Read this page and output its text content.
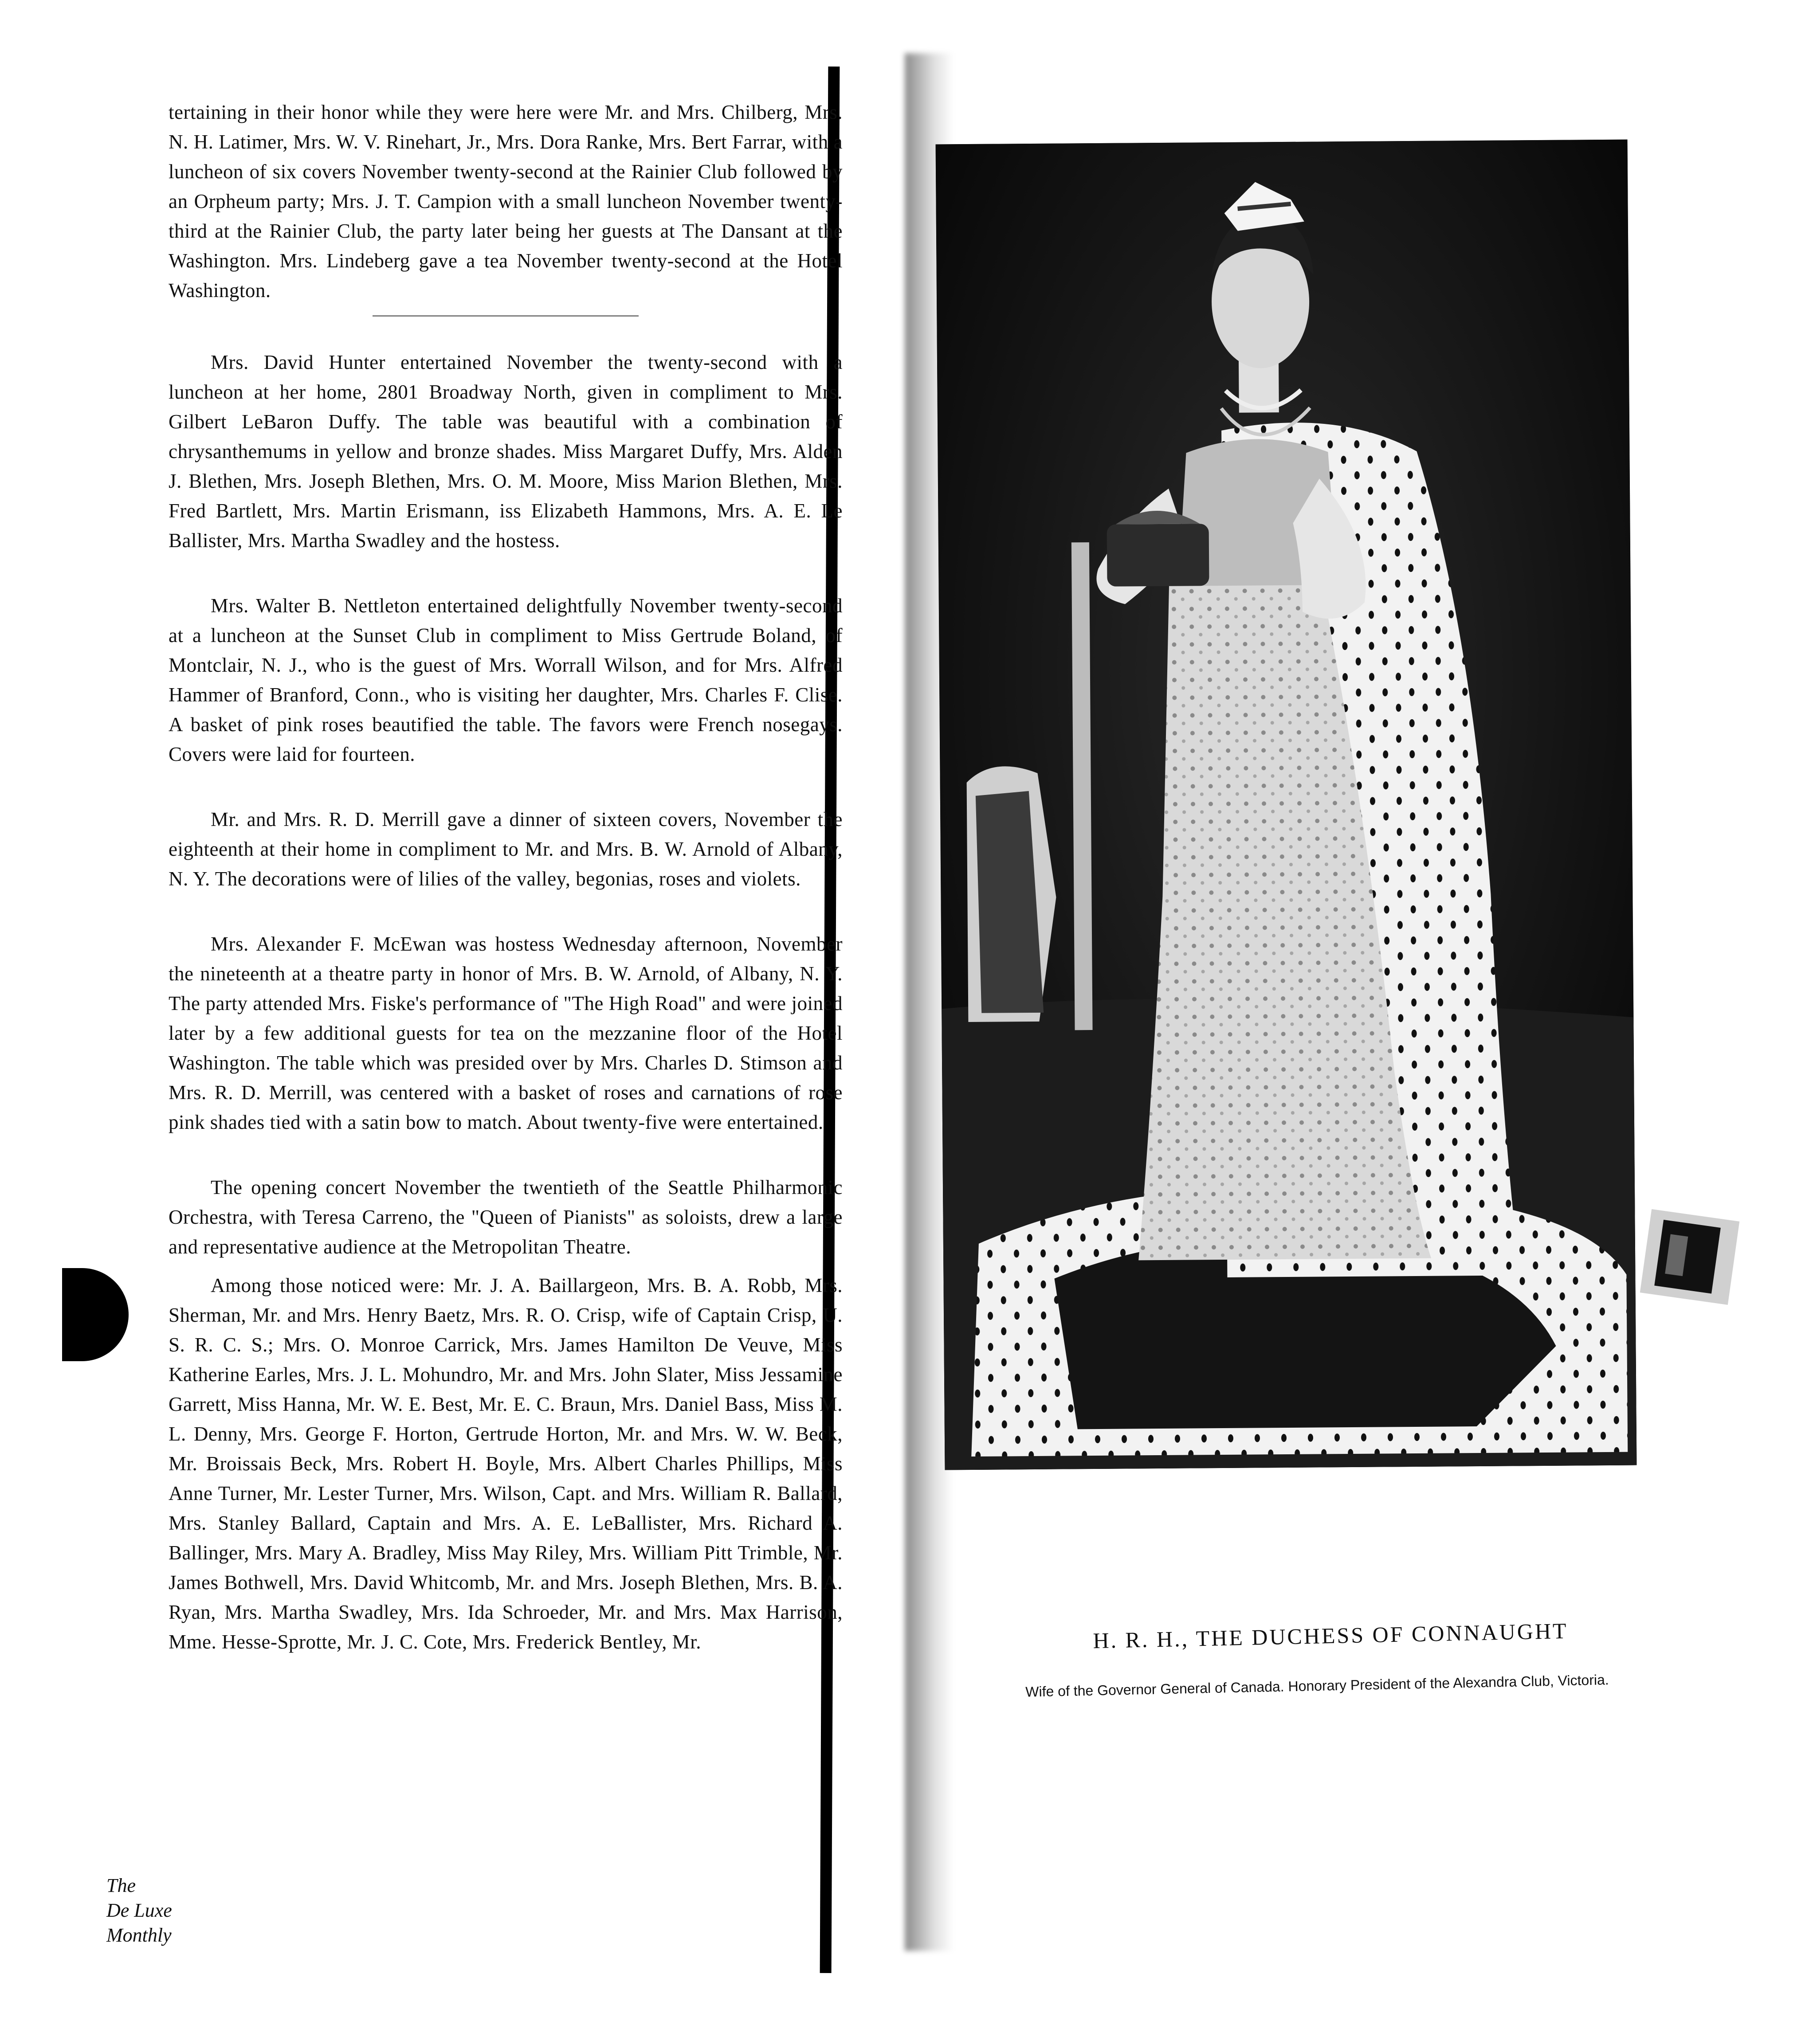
tertaining in their honor while they were here were Mr. and Mrs. Chilberg, Mrs. N. H. Latimer, Mrs. W. V. Rinehart, Jr., Mrs. Dora Ranke, Mrs. Bert Farrar, with a luncheon of six covers November twenty-second at the Rainier Club followed by an Orpheum party; Mrs. J. T. Campion with a small luncheon November twenty-third at the Rainier Club, the party later being her guests at The Dansant at the Washington. Mrs. Lindeberg gave a tea November twenty-second at the Hotel Washington.

Mrs. David Hunter entertained November the twenty-second with a luncheon at her home, 2801 Broadway North, given in compliment to Mrs. Gilbert LeBaron Duffy. The table was beautiful with a combination of chrysanthemums in yellow and bronze shades. Miss Margaret Duffy, Mrs. Alden J. Blethen, Mrs. Joseph Blethen, Mrs. O. M. Moore, Miss Marion Blethen, Mrs. Fred Bartlett, Mrs. Martin Erismann, iss Elizabeth Hammons, Mrs. A. E. Le Ballister, Mrs. Martha Swadley and the hostess.

Mrs. Walter B. Nettleton entertained delightfully November twenty-second at a luncheon at the Sunset Club in compliment to Miss Gertrude Boland, of Montclair, N. J., who is the guest of Mrs. Worrall Wilson, and for Mrs. Alfred Hammer of Branford, Conn., who is visiting her daughter, Mrs. Charles F. Clise. A basket of pink roses beautified the table. The favors were French nosegays. Covers were laid for fourteen.

Mr. and Mrs. R. D. Merrill gave a dinner of sixteen covers, November the eighteenth at their home in compliment to Mr. and Mrs. B. W. Arnold of Albany, N. Y. The decorations were of lilies of the valley, begonias, roses and violets.

Mrs. Alexander F. McEwan was hostess Wednesday afternoon, November the nineteenth at a theatre party in honor of Mrs. B. W. Arnold, of Albany, N. Y. The party attended Mrs. Fiske's performance of "The High Road" and were joined later by a few additional guests for tea on the mezzanine floor of the Hotel Washington. The table which was presided over by Mrs. Charles D. Stimson and Mrs. R. D. Merrill, was centered with a basket of roses and carnations of rose pink shades tied with a satin bow to match. About twenty-five were entertained.

The opening concert November the twentieth of the Seattle Philharmonic Orchestra, with Teresa Carreno, the "Queen of Pianists" as soloists, drew a large and representative audience at the Metropolitan Theatre.

Among those noticed were: Mr. J. A. Baillargeon, Mrs. B. A. Robb, Mrs. Sherman, Mr. and Mrs. Henry Baetz, Mrs. R. O. Crisp, wife of Captain Crisp, U. S. R. C. S.; Mrs. O. Monroe Carrick, Mrs. James Hamilton De Veuve, Miss Katherine Earles, Mrs. J. L. Mohundro, Mr. and Mrs. John Slater, Miss Jessamine Garrett, Miss Hanna, Mr. W. E. Best, Mr. E. C. Braun, Mrs. Daniel Bass, Miss M. L. Denny, Mrs. George F. Horton, Gertrude Horton, Mr. and Mrs. W. W. Beck, Mr. Broissais Beck, Mrs. Robert H. Boyle, Mrs. Albert Charles Phillips, Miss Anne Turner, Mr. Lester Turner, Mrs. Wilson, Capt. and Mrs. William R. Ballard, Mrs. Stanley Ballard, Captain and Mrs. A. E. LeBallister, Mrs. Richard A. Ballinger, Mrs. Mary A. Bradley, Miss May Riley, Mrs. William Pitt Trimble, Mr. James Bothwell, Mrs. David Whitcomb, Mr. and Mrs. Joseph Blethen, Mrs. B. A. Ryan, Mrs. Martha Swadley, Mrs. Ida Schroeder, Mr. and Mrs. Max Harrison, Mme. Hesse-Sprotte, Mr. J. C. Cote, Mrs. Frederick Bentley, Mr.

The
De Luxe
Monthly
H. R. H., THE DUCHESS OF CONNAUGHT
Wife of the Governor General of Canada. Honorary President of the Alexandra Club, Victoria.
